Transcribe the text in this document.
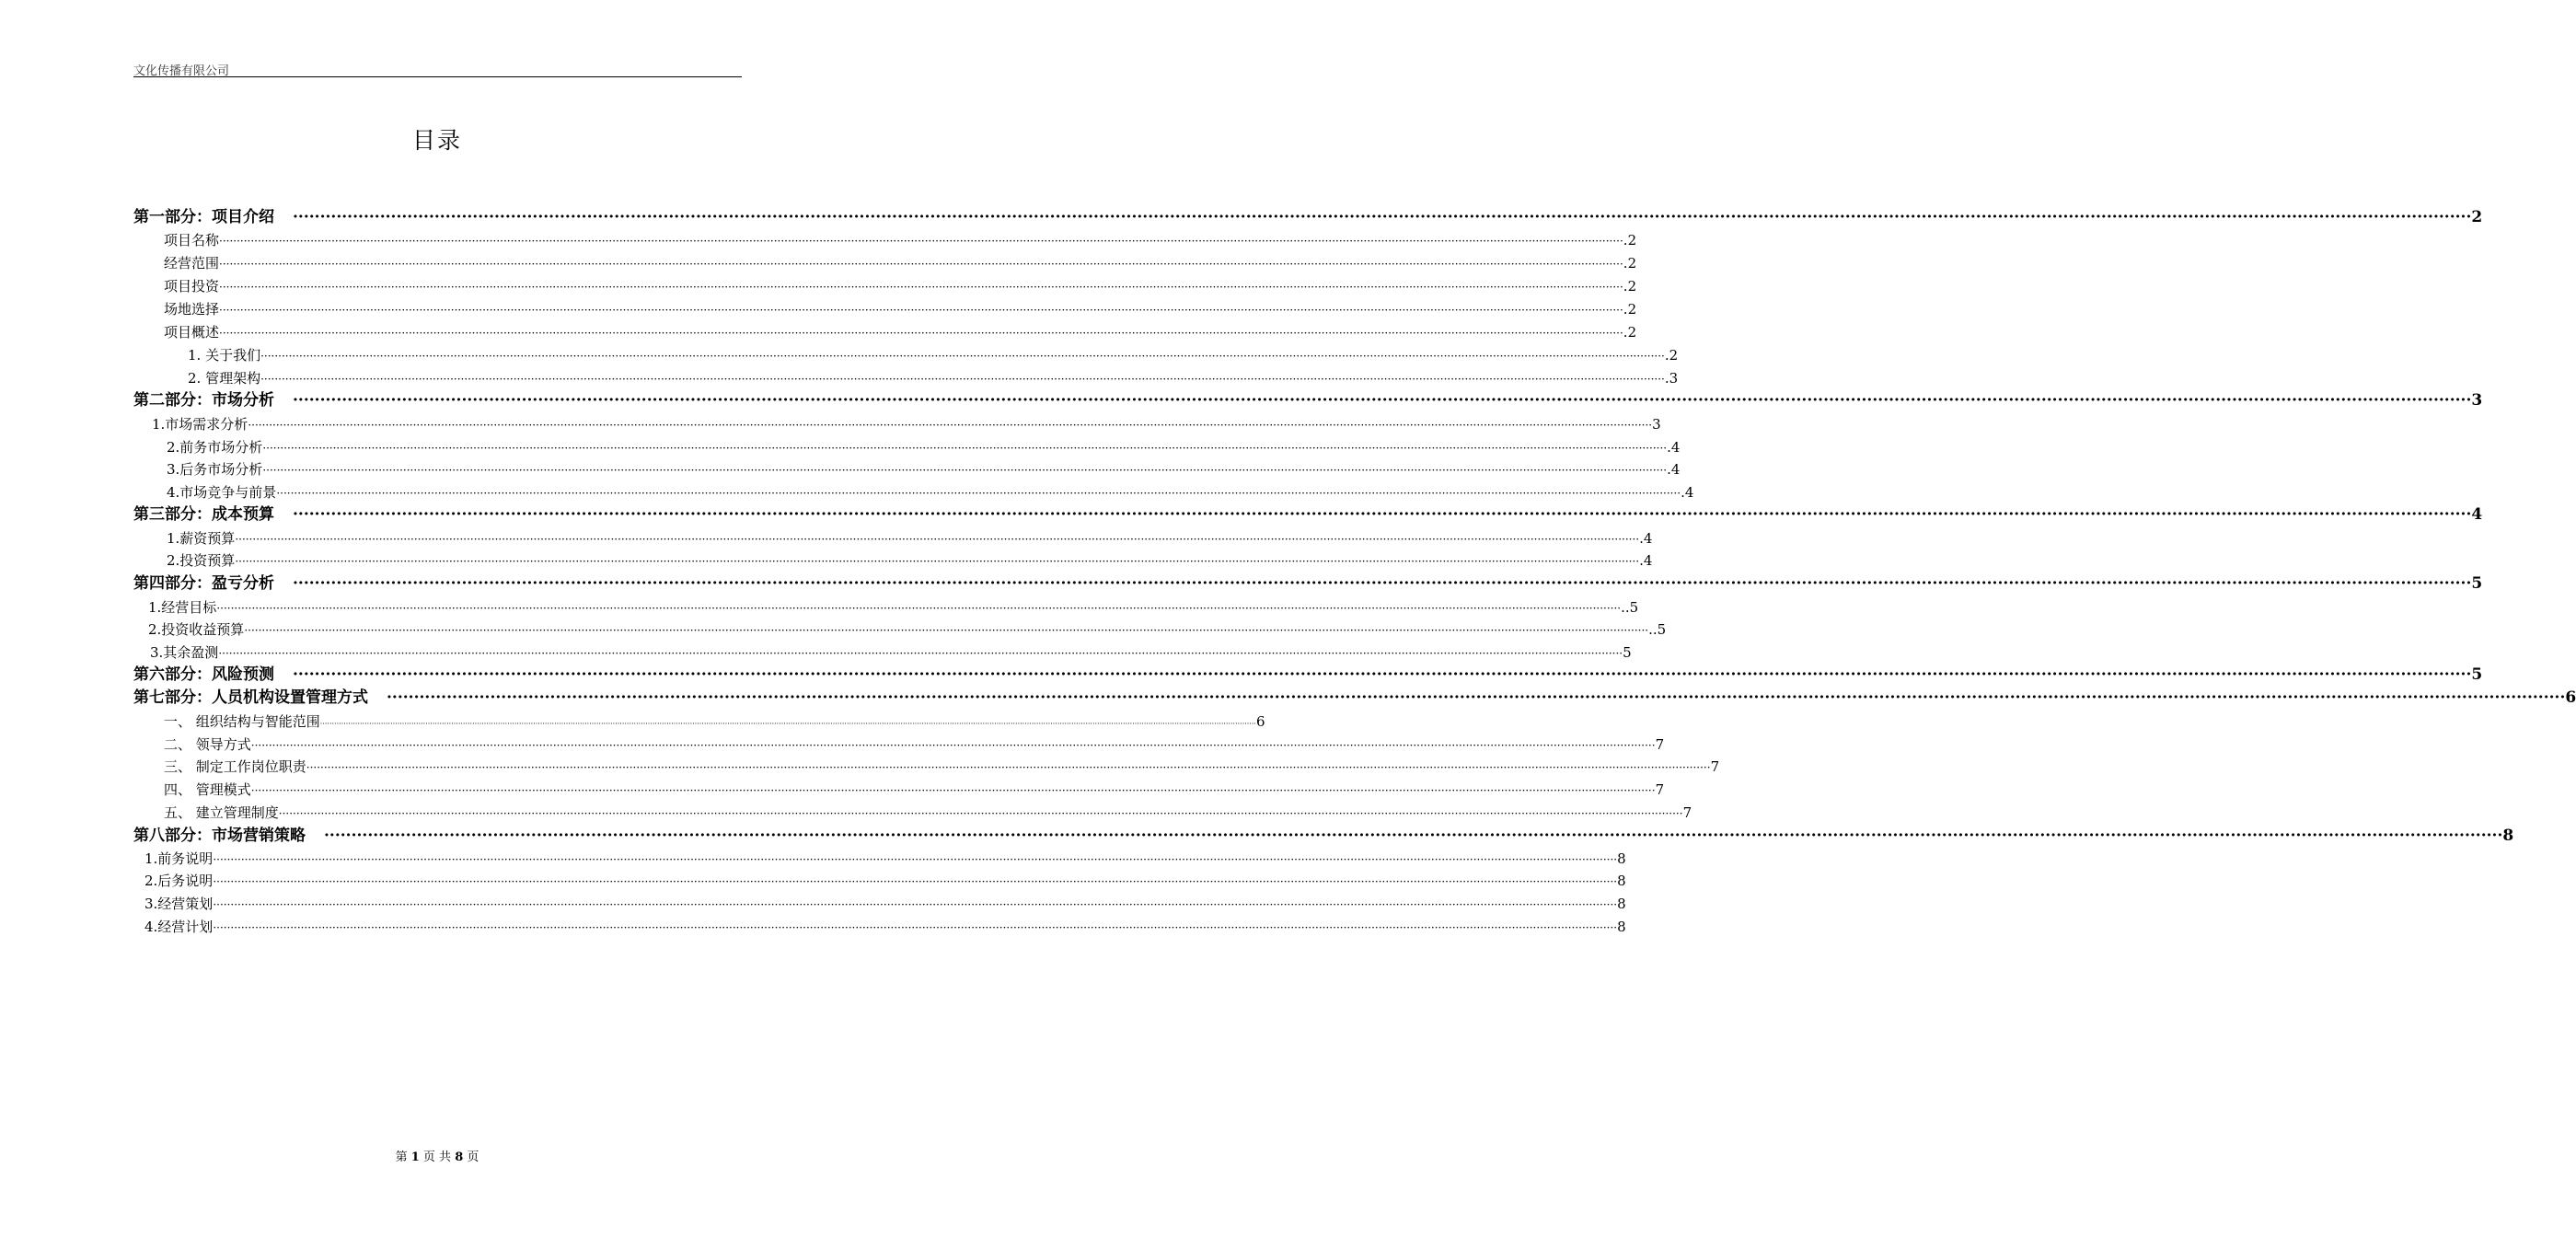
文化传播有限公司
目录
第一部分：项目介绍 ················································································································································································································································································································································································································ 2
项目名称 ················································································································································································································································································································································································································ .2
经营范围 ················································································································································································································································································································································································································ .2
项目投资 ················································································································································································································································································································································································································ .2
场地选择 ················································································································································································································································································································································································································ .2
项目概述 ················································································································································································································································································································································································································ .2
1. 关于我们 ················································································································································································································································································································································································································ .2
2. 管理架构 ················································································································································································································································································································································································································ .3
第二部分：市场分析 ················································································································································································································································································································································································································ 3
1.市场需求分析 ················································································································································································································································································································································································································ 3
2.前务市场分析 ················································································································································································································································································································································································································ .4
3.后务市场分析 ················································································································································································································································································································································································································ .4
4.市场竞争与前景 ················································································································································································································································································································································································································ .4
第三部分：成本预算 ················································································································································································································································································································································································································ 4
1.薪资预算 ················································································································································································································································································································································································································ .4
2.投资预算 ················································································································································································································································································································································································································ .4
第四部分：盈亏分析 ················································································································································································································································································································································································································ 5
1.经营目标 ················································································································································································································································································································································································································ ..5
2.投资收益预算 ················································································································································································································································································································································································································ ..5
3.其余盈测 ················································································································································································································································································································································································································ 5
第六部分：风险预测 ················································································································································································································································································································································································································ 5
第七部分：人员机构设置管理方式 ················································································································································································································································································································································································································ 6
一、 组织结构与智能范围 ················································································································································································································································································································································································································ 6
二、 领导方式 ················································································································································································································································································································································································································ 7
三、 制定工作岗位职责 ················································································································································································································································································································································································································ 7
四、 管理模式 ················································································································································································································································································································································································································ 7
五、 建立管理制度 ················································································································································································································································································································································································································ 7
第八部分：市场营销策略 ················································································································································································································································································································································································································ 8
1.前务说明 ················································································································································································································································································································································································································ 8
2.后务说明 ················································································································································································································································································································································································································ 8
3.经营策划 ················································································································································································································································································································································································································ 8
4.经营计划 ················································································································································································································································································································································································································ 8
第 1 页 共 8 页
